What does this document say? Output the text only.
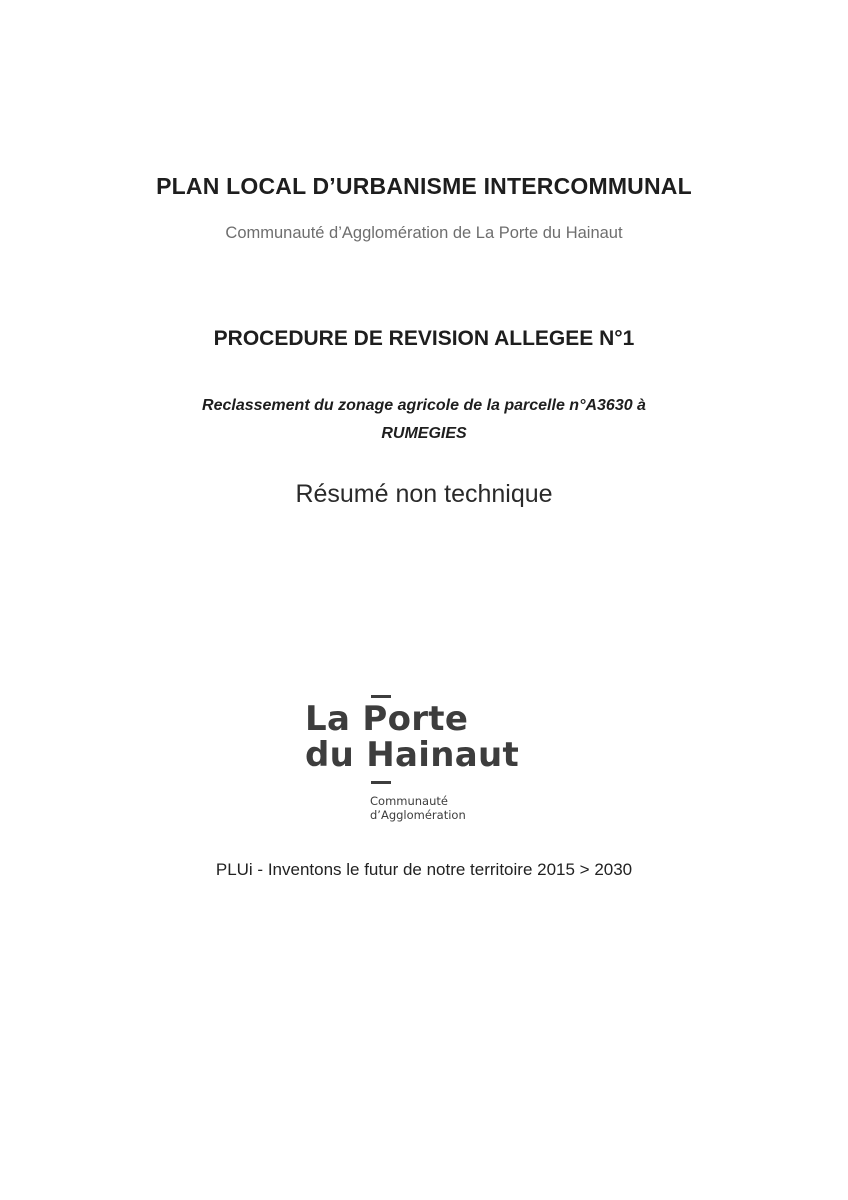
PLAN LOCAL D’URBANISME INTERCOMMUNAL
Communauté d’Agglomération de La Porte du Hainaut
PROCEDURE DE REVISION ALLEGEE N°1
Reclassement du zonage agricole de la parcelle n°A3630 à
RUMEGIES
Résumé non technique
La Porte
du Hainaut
Communauté
d’Agglomération
PLUi - Inventons le futur de notre territoire 2015 > 2030
